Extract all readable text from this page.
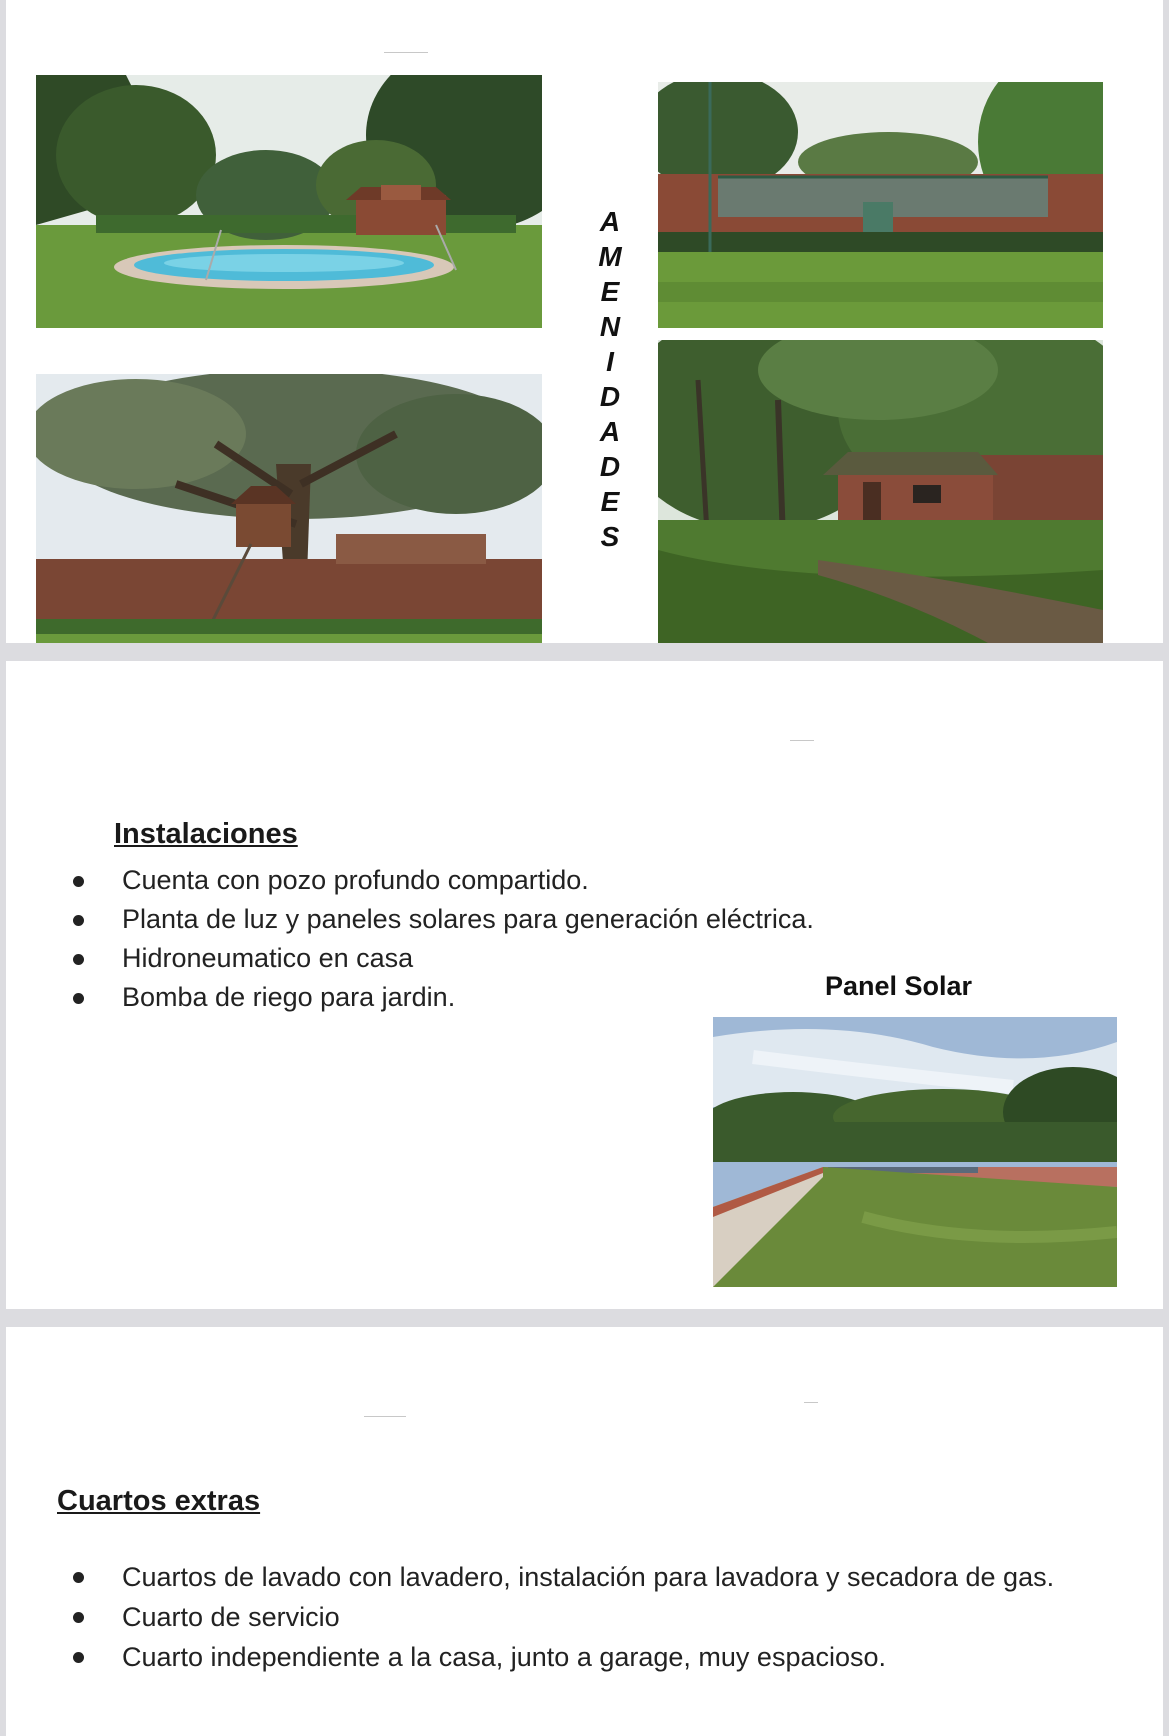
A
M
E
N
I
D
A
D
E
S
Instalaciones
Cuenta con pozo profundo compartido.
Planta de luz y paneles solares para generación eléctrica.
Hidroneumatico en casa
Bomba de riego para jardin.	Panel Solar
Cuartos extras
Cuartos de lavado con lavadero, instalación para lavadora y secadora de gas.
Cuarto de servicio
Cuarto independiente a la casa, junto a garage, muy espacioso.
